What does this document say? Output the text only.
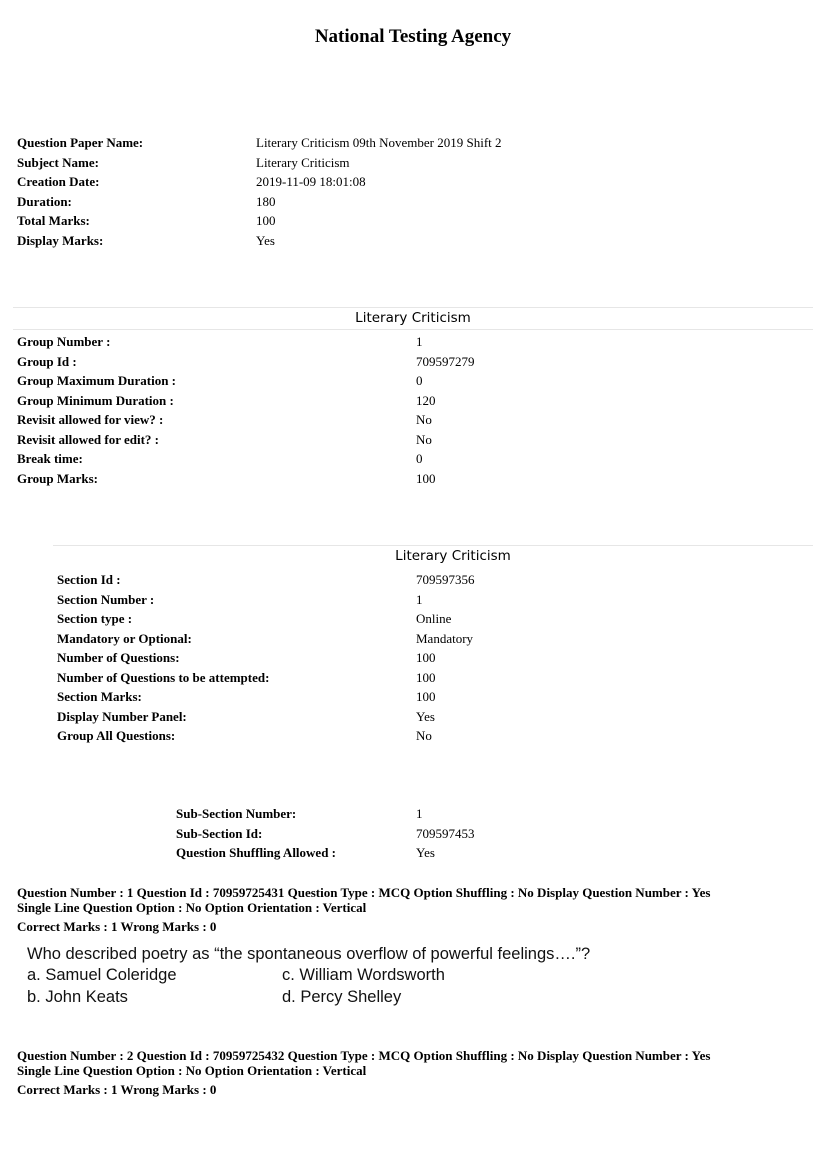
National Testing Agency
Question Paper Name:	Literary Criticism 09th November 2019 Shift 2
Subject Name:	Literary Criticism
Creation Date:	2019-11-09 18:01:08
Duration:	180
Total Marks:	100
Display Marks:	Yes
Literary Criticism
Group Number :	1
Group Id :	709597279
Group Maximum Duration :	0
Group Minimum Duration :	120
Revisit allowed for view? :	No
Revisit allowed for edit? :	No
Break time:	0
Group Marks:	100
Literary Criticism
Section Id :	709597356
Section Number :	1
Section type :	Online
Mandatory or Optional:	Mandatory
Number of Questions:	100
Number of Questions to be attempted:	100
Section Marks:	100
Display Number Panel:	Yes
Group All Questions:	No
Sub-Section Number:	1
Sub-Section Id:	709597453
Question Shuffling Allowed :	Yes
Question Number : 1 Question Id : 70959725431 Question Type : MCQ Option Shuffling : No Display Question Number : Yes
Single Line Question Option : No Option Orientation : Vertical
Correct Marks : 1 Wrong Marks : 0
Who described poetry as “the spontaneous overflow of powerful feelings….”?
a. Samuel Coleridge	c. William Wordsworth
b. John Keats	d. Percy Shelley
Question Number : 2 Question Id : 70959725432 Question Type : MCQ Option Shuffling : No Display Question Number : Yes
Single Line Question Option : No Option Orientation : Vertical
Correct Marks : 1 Wrong Marks : 0
